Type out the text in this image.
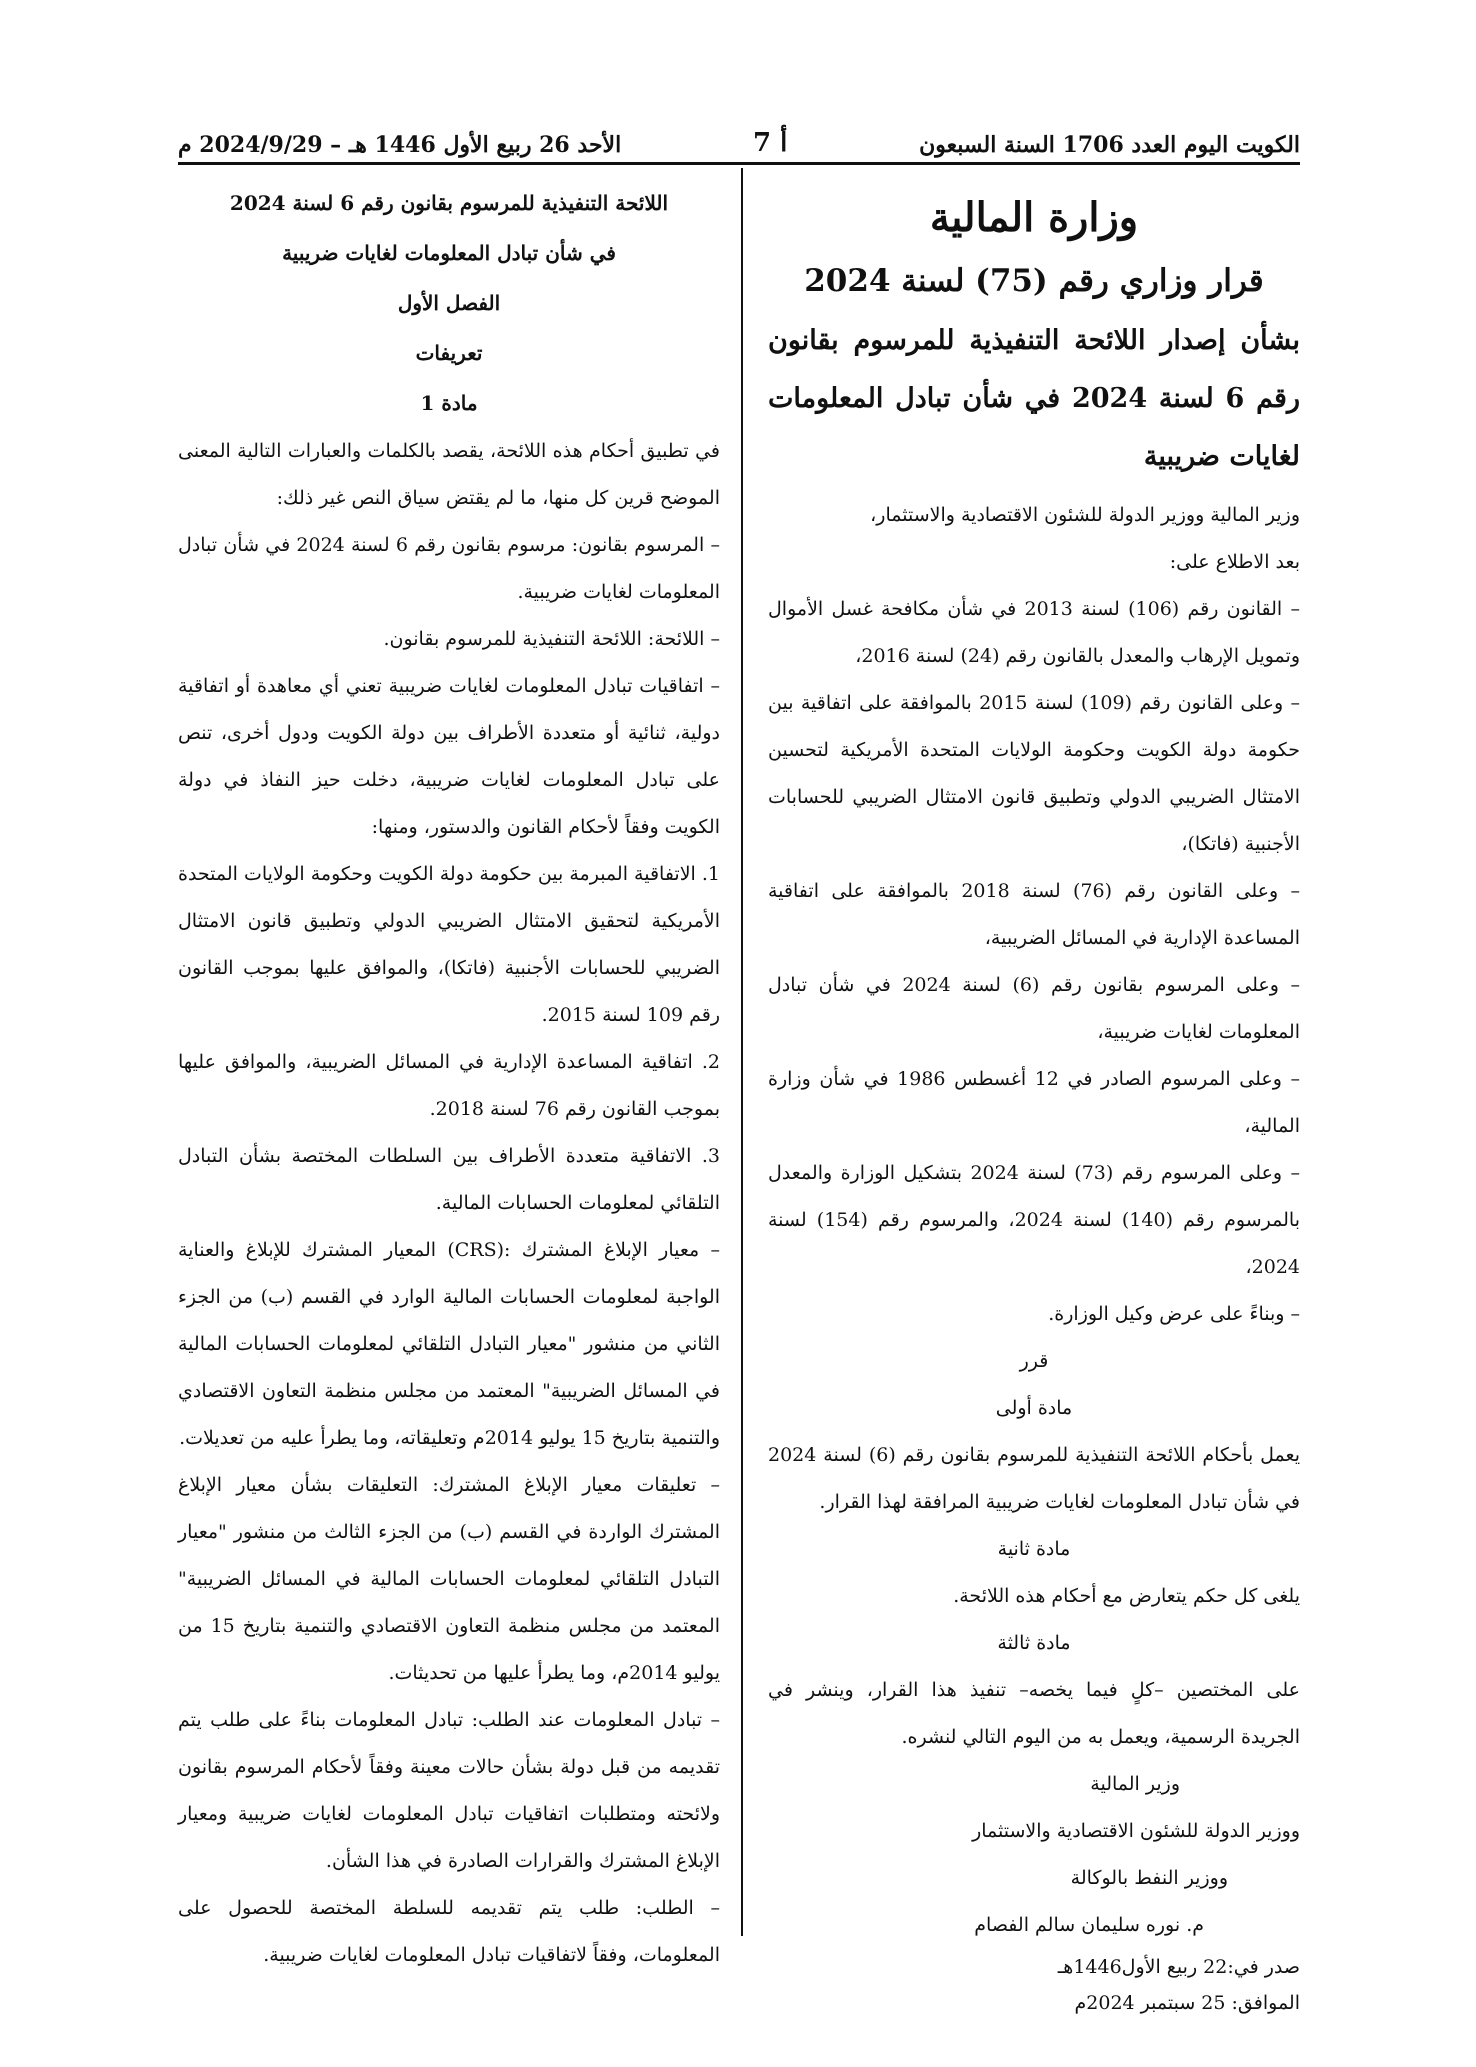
الكويت اليوم العدد 1706 السنة السبعون
أ 7
الأحد 26 ربيع الأول 1446 هـ – 2024/9/29 م

وزارة المالية

قرار وزاري رقم (75) لسنة 2024

بشأن إصدار اللائحة التنفيذية للمرسوم بقانون رقم 6 لسنة 2024 في شأن تبادل المعلومات لغايات ضريبية

وزير المالية ووزير الدولة للشئون الاقتصادية والاستثمار،

بعد الاطلاع على:

– القانون رقم (106) لسنة 2013 في شأن مكافحة غسل الأموال وتمويل الإرهاب والمعدل بالقانون رقم (24) لسنة 2016،

– وعلى القانون رقم (109) لسنة 2015 بالموافقة على اتفاقية بين حكومة دولة الكويت وحكومة الولايات المتحدة الأمريكية لتحسين الامتثال الضريبي الدولي وتطبيق قانون الامتثال الضريبي للحسابات الأجنبية (فاتكا)،

– وعلى القانون رقم (76) لسنة 2018 بالموافقة على اتفاقية المساعدة الإدارية في المسائل الضريبية،

– وعلى المرسوم بقانون رقم (6) لسنة 2024 في شأن تبادل المعلومات لغايات ضريبية،

– وعلى المرسوم الصادر في 12 أغسطس 1986 في شأن وزارة المالية،

– وعلى المرسوم رقم (73) لسنة 2024 بتشكيل الوزارة والمعدل بالمرسوم رقم (140) لسنة 2024، والمرسوم رقم (154) لسنة 2024،

– وبناءً على عرض وكيل الوزارة.

قرر

مادة أولى

يعمل بأحكام اللائحة التنفيذية للمرسوم بقانون رقم (6) لسنة 2024 في شأن تبادل المعلومات لغايات ضريبية المرافقة لهذا القرار.

مادة ثانية

يلغى كل حكم يتعارض مع أحكام هذه اللائحة.

مادة ثالثة

على المختصين –كلٍ فيما يخصه– تنفيذ هذا القرار، وينشر في الجريدة الرسمية، ويعمل به من اليوم التالي لنشره.

وزير المالية

ووزير الدولة للشئون الاقتصادية والاستثمار

ووزير النفط بالوكالة

م. نوره سليمان سالم الفصام

صدر في:22 ربيع الأول1446هـ

الموافق: 25 سبتمبر 2024م

اللائحة التنفيذية للمرسوم بقانون رقم 6 لسنة 2024

في شأن تبادل المعلومات لغايات ضريبية

الفصل الأول

تعريفات

مادة 1

في تطبيق أحكام هذه اللائحة، يقصد بالكلمات والعبارات التالية المعنى الموضح قرين كل منها، ما لم يقتض سياق النص غير ذلك:

– المرسوم بقانون: مرسوم بقانون رقم 6 لسنة 2024 في شأن تبادل المعلومات لغايات ضريبية.

– اللائحة: اللائحة التنفيذية للمرسوم بقانون.

– اتفاقيات تبادل المعلومات لغايات ضريبية تعني أي معاهدة أو اتفاقية دولية، ثنائية أو متعددة الأطراف بين دولة الكويت ودول أخرى، تنص على تبادل المعلومات لغايات ضريبية، دخلت حيز النفاذ في دولة الكويت وفقاً لأحكام القانون والدستور، ومنها:

1. الاتفاقية المبرمة بين حكومة دولة الكويت وحكومة الولايات المتحدة الأمريكية لتحقيق الامتثال الضريبي الدولي وتطبيق قانون الامتثال الضريبي للحسابات الأجنبية (فاتكا)، والموافق عليها بموجب القانون رقم 109 لسنة 2015.

2. اتفاقية المساعدة الإدارية في المسائل الضريبية، والموافق عليها بموجب القانون رقم 76 لسنة 2018.

3. الاتفاقية متعددة الأطراف بين السلطات المختصة بشأن التبادل التلقائي لمعلومات الحسابات المالية.

– معيار الإبلاغ المشترك :(CRS) المعيار المشترك للإبلاغ والعناية الواجبة لمعلومات الحسابات المالية الوارد في القسم (ب) من الجزء الثاني من منشور "معيار التبادل التلقائي لمعلومات الحسابات المالية في المسائل الضريبية" المعتمد من مجلس منظمة التعاون الاقتصادي والتنمية بتاريخ 15 يوليو 2014م وتعليقاته، وما يطرأ عليه من تعديلات.

– تعليقات معيار الإبلاغ المشترك: التعليقات بشأن معيار الإبلاغ المشترك الواردة في القسم (ب) من الجزء الثالث من منشور "معيار التبادل التلقائي لمعلومات الحسابات المالية في المسائل الضريبية" المعتمد من مجلس منظمة التعاون الاقتصادي والتنمية بتاريخ 15 من يوليو 2014م، وما يطرأ عليها من تحديثات.

– تبادل المعلومات عند الطلب: تبادل المعلومات بناءً على طلب يتم تقديمه من قبل دولة بشأن حالات معينة وفقاً لأحكام المرسوم بقانون ولائحته ومتطلبات اتفاقيات تبادل المعلومات لغايات ضريبية ومعيار الإبلاغ المشترك والقرارات الصادرة في هذا الشأن.

– الطلب: طلب يتم تقديمه للسلطة المختصة للحصول على المعلومات، وفقاً لاتفاقيات تبادل المعلومات لغايات ضريبية.
